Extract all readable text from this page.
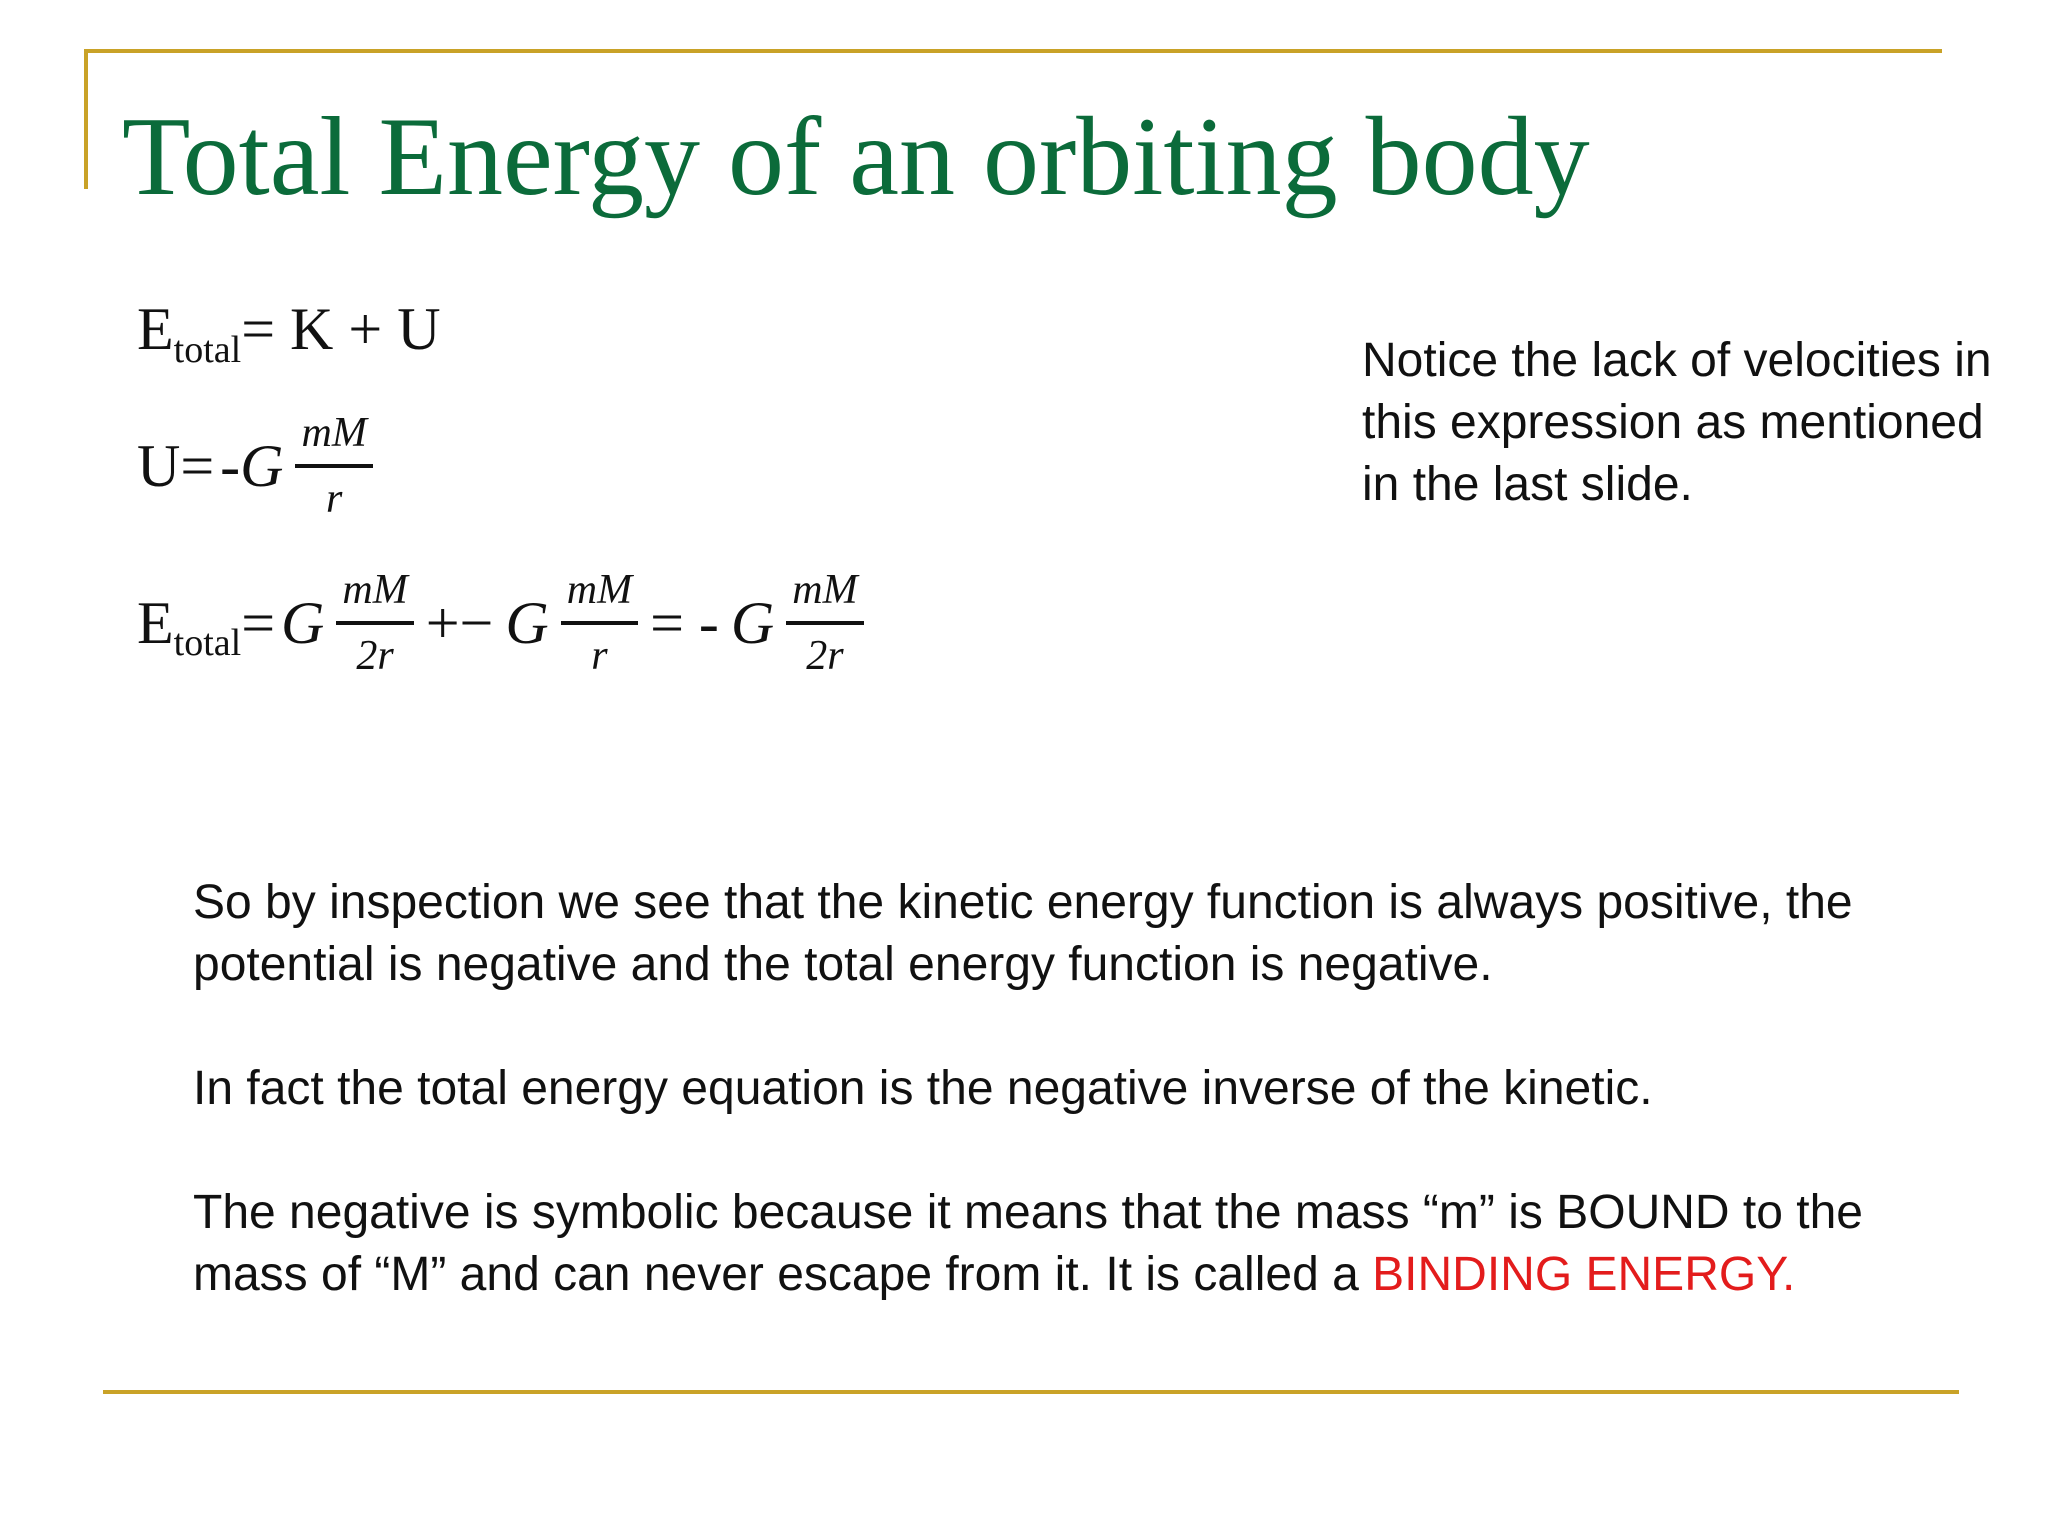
Total Energy of an orbiting body
E total = K + U
$U= -G \frac{mM}{r}$
E total = G $\frac{mM}{2r} +- G \frac{mM}{r}$ = - G $\frac{mM}{2r}$
Notice the lack of velocities in this expression as mentioned in the last slide.
So by inspection we see that the kinetic energy function is always positive, the potential is negative and the total energy function is negative.
In fact the total energy equation is the negative inverse of the kinetic.
The negative is symbolic because it means that the mass “m” is BOUND to the mass of “M” and can never escape from it. It is called a BINDING ENERGY.
